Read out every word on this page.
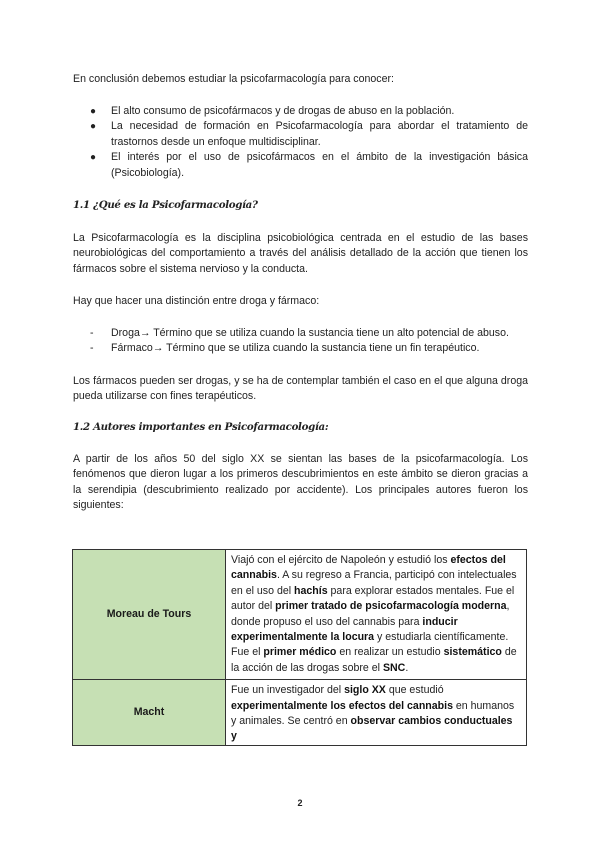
En conclusión debemos estudiar la psicofarmacología para conocer:

● El alto consumo de psicofármacos y de drogas de abuso en la población.
● La necesidad de formación en Psicofarmacología para abordar el tratamiento de trastornos desde un enfoque multidisciplinar.
● El interés por el uso de psicofármacos en el ámbito de la investigación básica (Psicobiología).
1.1 ¿Qué es la Psicofarmacología?

La Psicofarmacología es la disciplina psicobiológica centrada en el estudio de las bases neurobiológicas del comportamiento a través del análisis detallado de la acción que tienen los fármacos sobre el sistema nervioso y la conducta.

Hay que hacer una distinción entre droga y fármaco:

- Droga→ Término que se utiliza cuando la sustancia tiene un alto potencial de abuso.
- Fármaco→ Término que se utiliza cuando la sustancia tiene un fin terapéutico.

Los fármacos pueden ser drogas, y se ha de contemplar también el caso en el que alguna droga pueda utilizarse con fines terapéuticos.

1.2 Autores importantes en Psicofarmacología:

A partir de los años 50 del siglo XX se sientan las bases de la psicofarmacología. Los fenómenos que dieron lugar a los primeros descubrimientos en este ámbito se dieron gracias a la serendipia (descubrimiento realizado por accidente). Los principales autores fueron los siguientes:

Moreau de Tours	Viajó con el ejército de Napoleón y estudió los efectos del cannabis. A su regreso a Francia, participó con intelectuales en el uso del hachís para explorar estados mentales. Fue el autor del primer tratado de psicofarmacología moderna, donde propuso el uso del cannabis para inducir experimentalmente la locura y estudiarla científicamente. Fue el primer médico en realizar un estudio sistemático de la acción de las drogas sobre el SNC.
Macht	Fue un investigador del siglo XX que estudió experimentalmente los efectos del cannabis en humanos y animales. Se centró en observar cambios conductuales y
2
